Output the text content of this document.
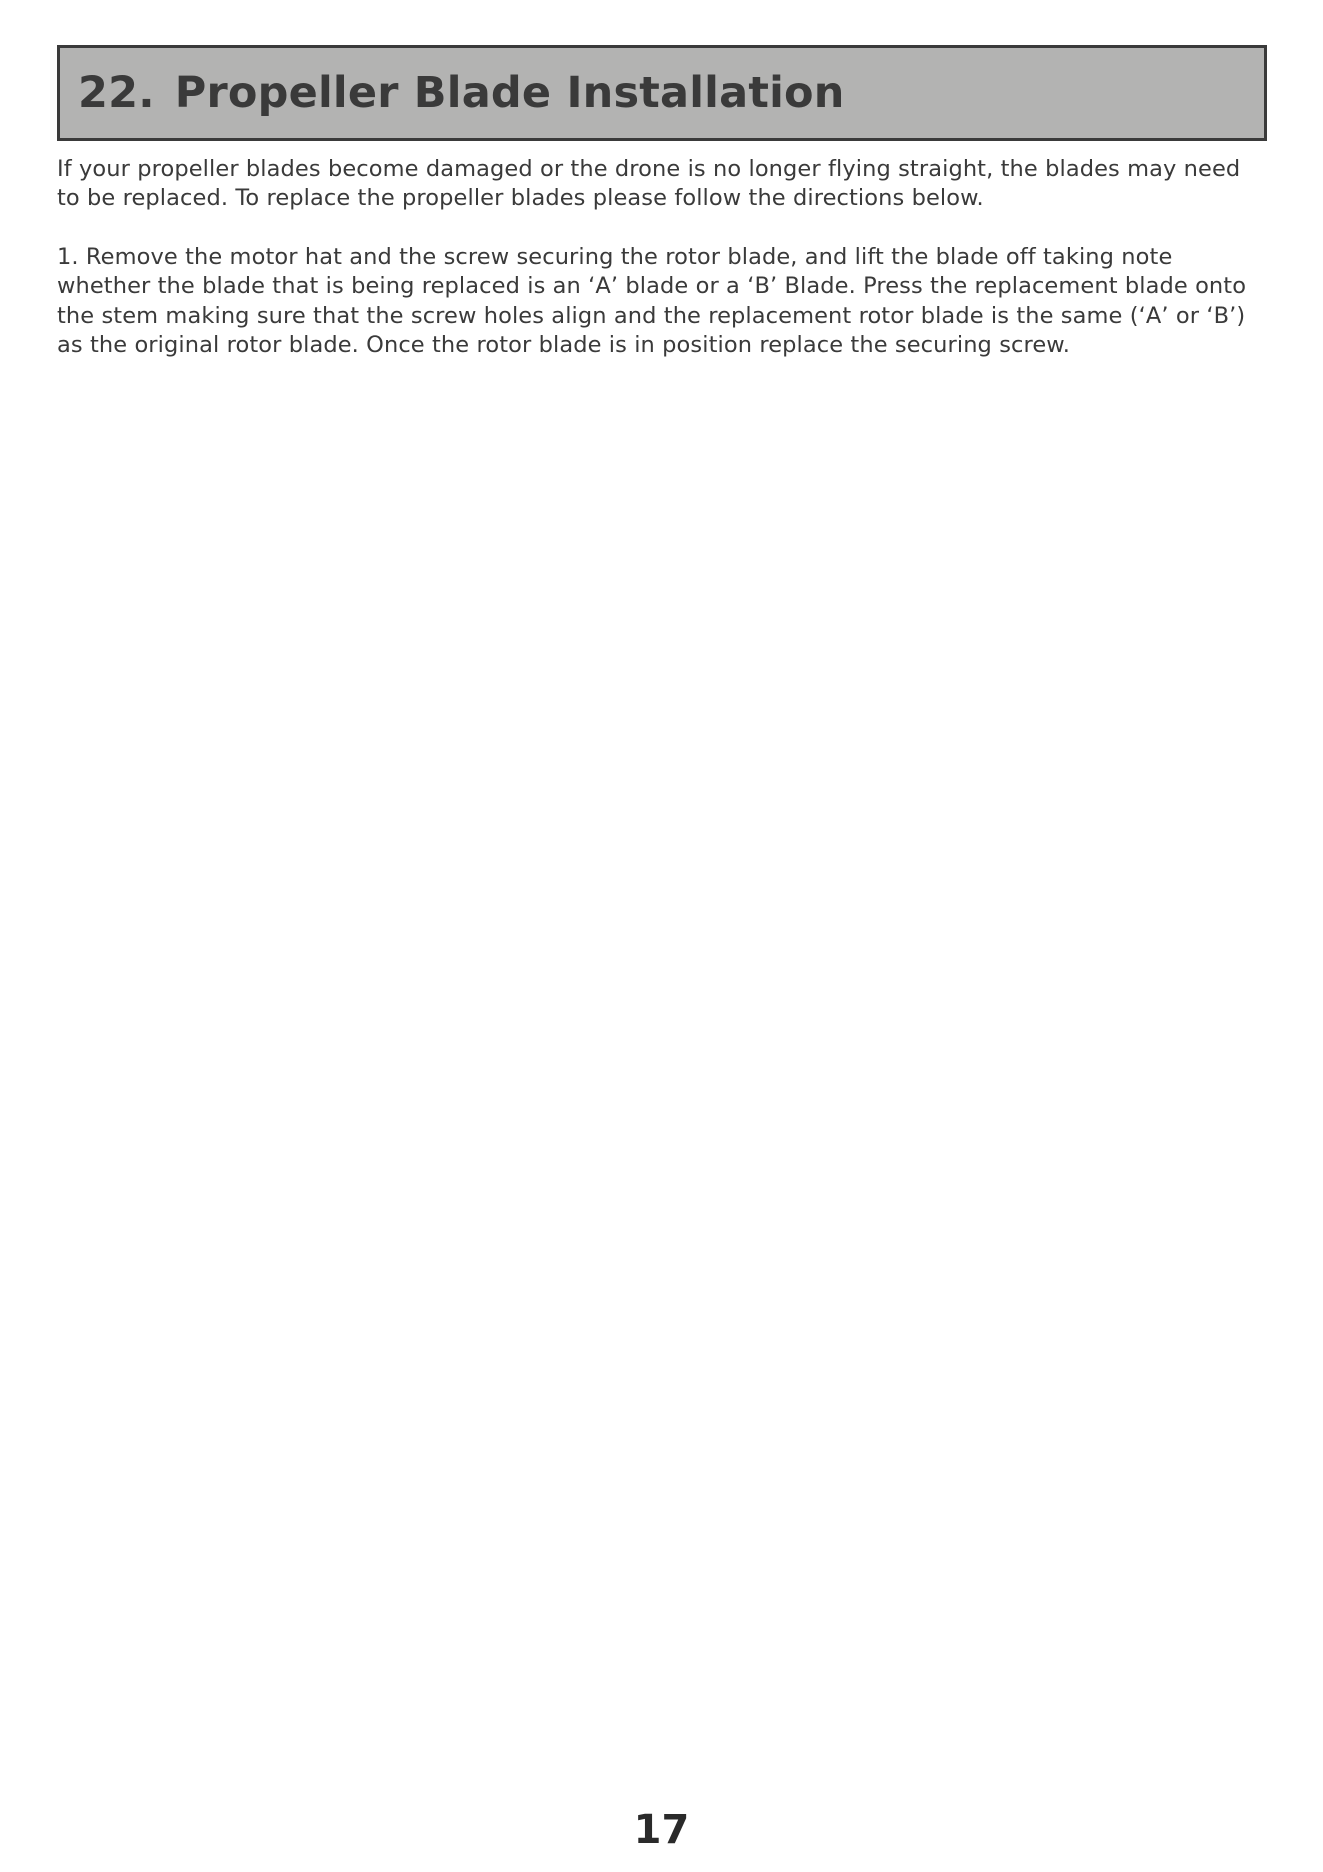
22. Propeller Blade Installation

If your propeller blades become damaged or the drone is no longer flying straight, the blades may need to be replaced. To replace the propeller blades please follow the directions below.

1. Remove the motor hat and the screw securing the rotor blade, and lift the blade off taking note whether the blade that is being replaced is an ‘A’ blade or a ‘B’ Blade. Press the replacement blade onto the stem making sure that the screw holes align and the replacement rotor blade is the same (‘A’ or ‘B’) as the original rotor blade. Once the rotor blade is in position replace the securing screw.

17
